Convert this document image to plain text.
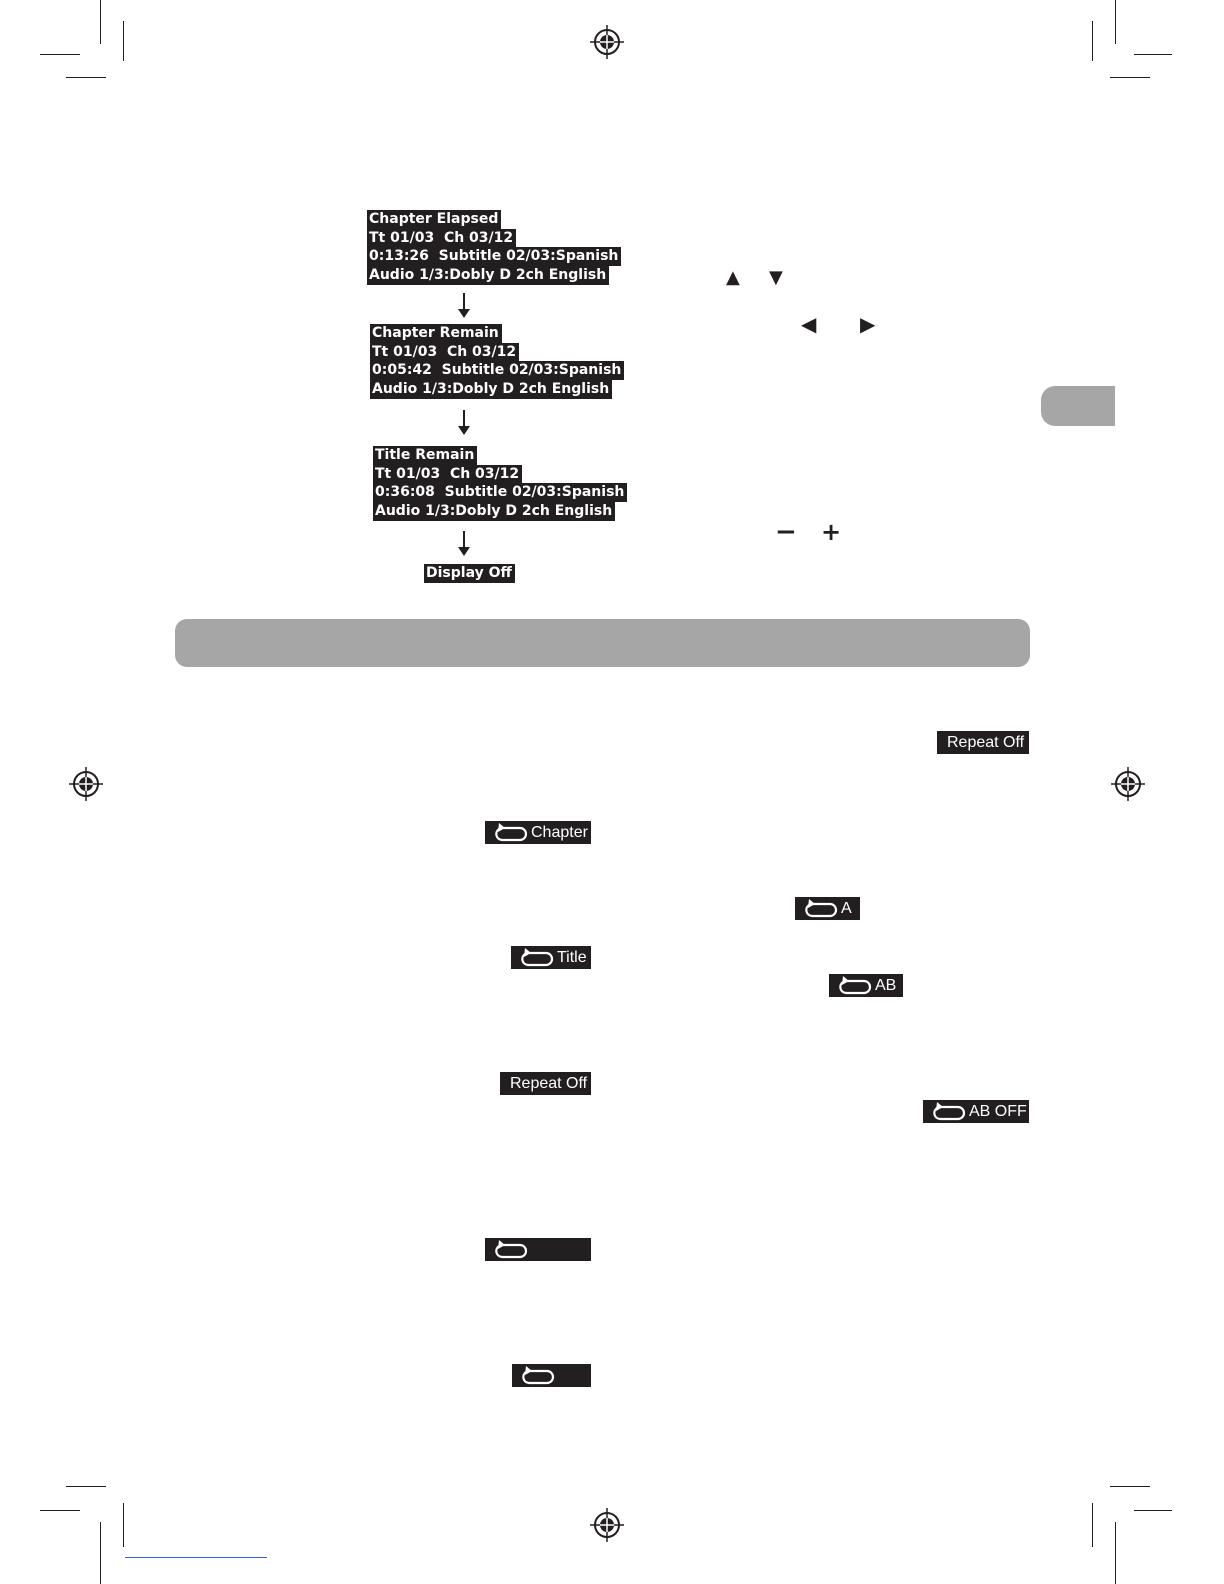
Chapter Elapsed
Tt 01/03  Ch 03/12
0:13:26  Subtitle 02/03:Spanish
Audio 1/3:Dobly D 2ch English
Chapter Remain
Tt 01/03  Ch 03/12
0:05:42  Subtitle 02/03:Spanish
Audio 1/3:Dobly D 2ch English
Title Remain
Tt 01/03  Ch 03/12
0:36:08  Subtitle 02/03:Spanish
Audio 1/3:Dobly D 2ch English
Display Off
▲ ▼
◀ ▶
− +
Chapter
Title
Repeat Off
Repeat Off
A
AB
AB OFF
